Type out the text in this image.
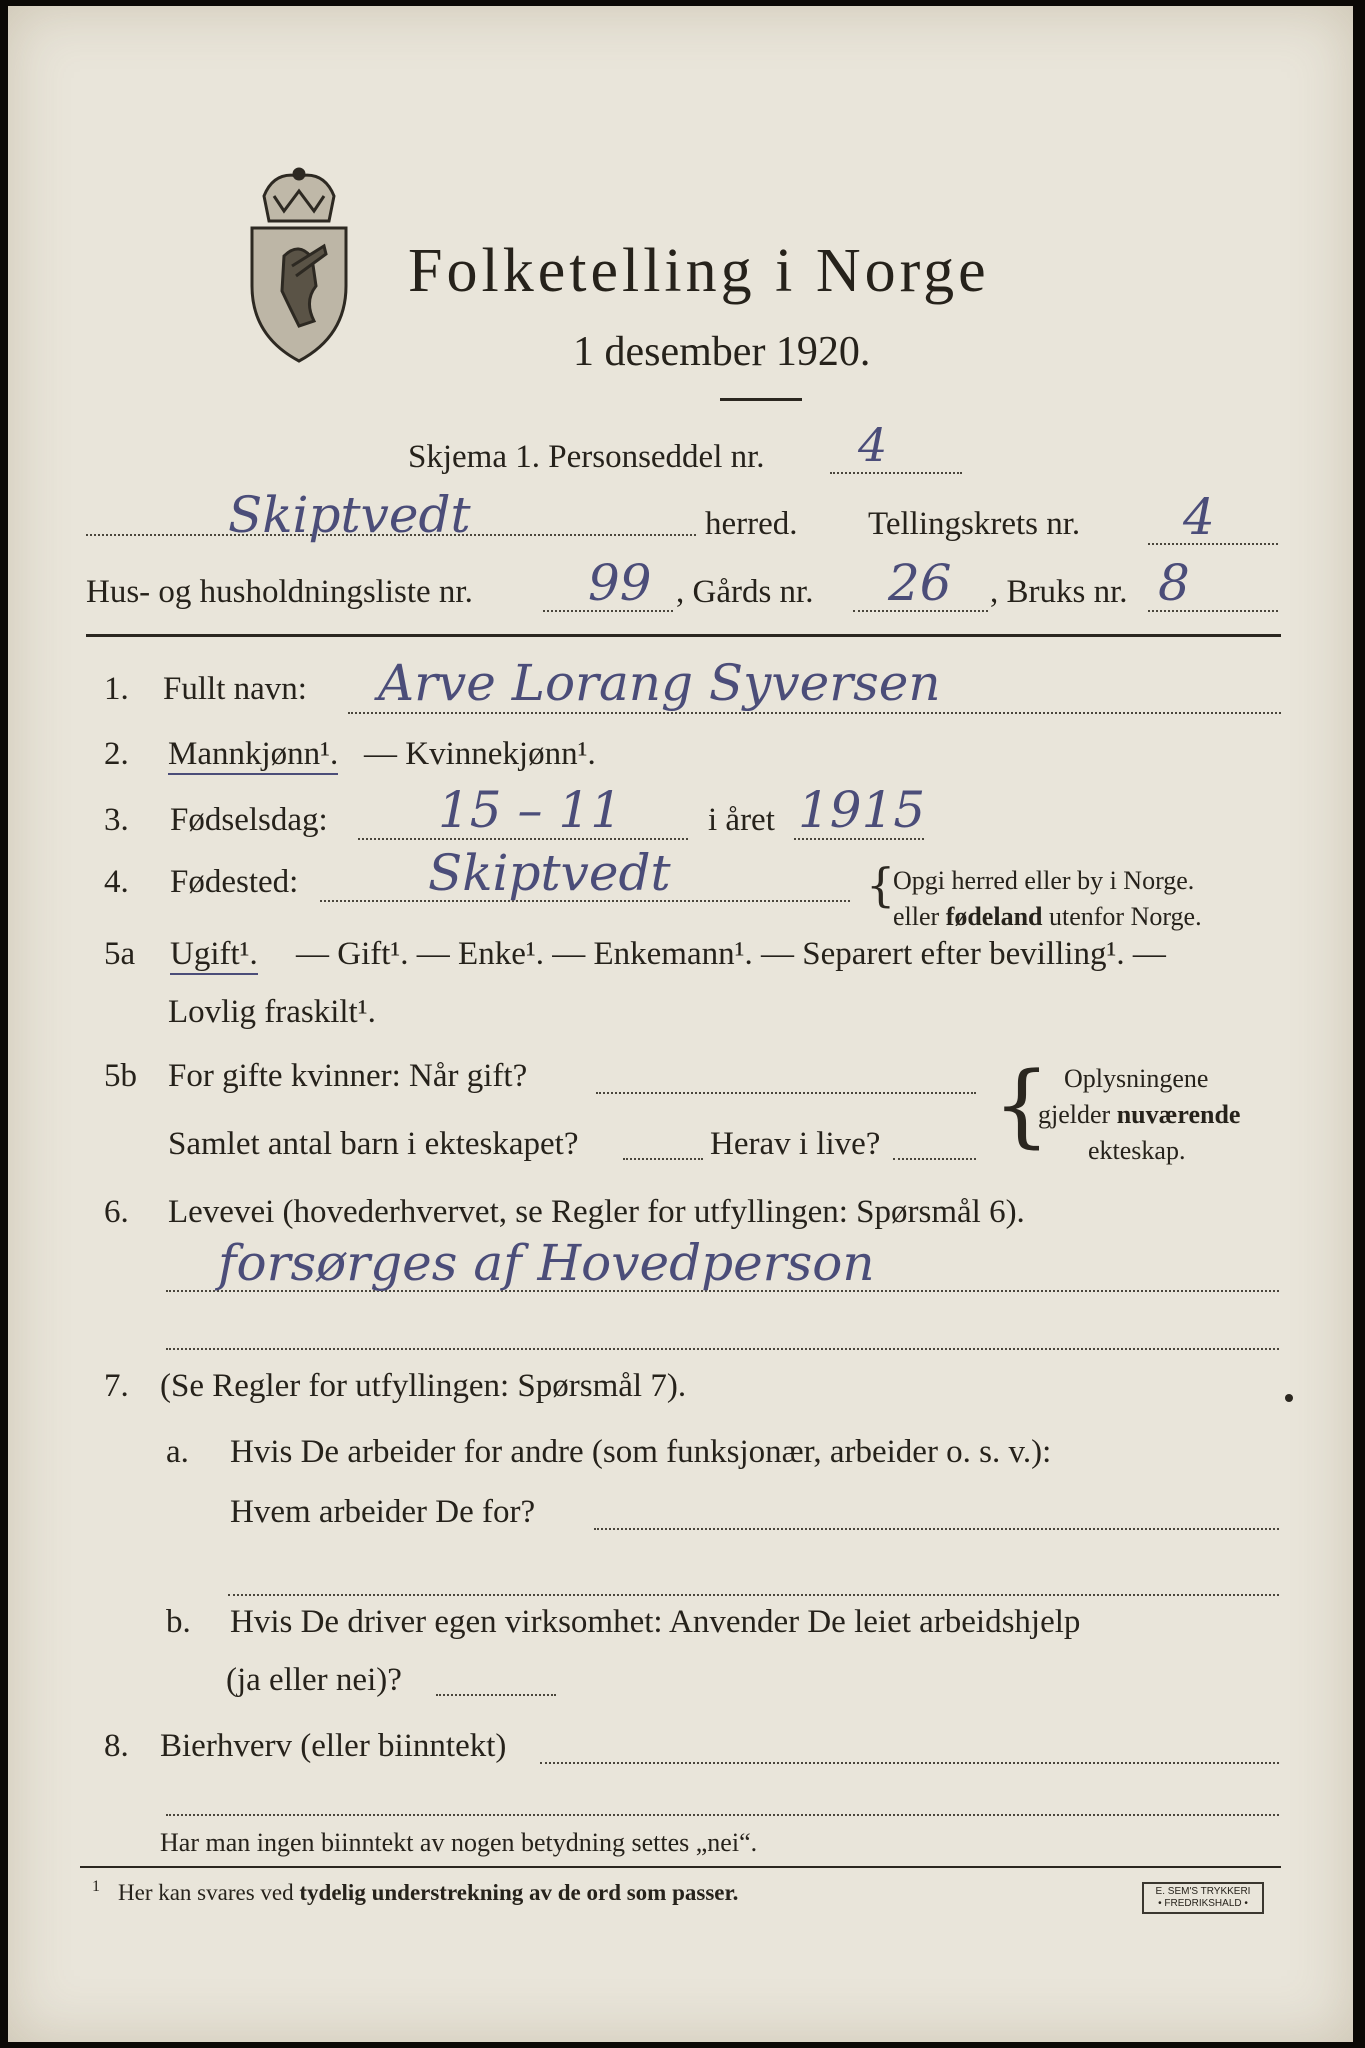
Folketelling i Norge
1 desember 1920.
Skjema 1. Personseddel nr. 4
Skiptvedt	herred. Tellingskrets nr. 4
Hus- og husholdningsliste nr. 99 , Gårds nr. 26 , Bruks nr. 8
1. Fullt navn: Arve Lorang Syversen
2. Mannkjønn¹. — Kvinnekjønn¹.
3. Fødselsdag: 15 – 11	i året 1915
4. Fødested:	Skiptvedt	{
Opgi herred eller by i Norge.
eller fødeland utenfor Norge.
5a Ugift¹. — Gift¹. — Enke¹. — Enkemann¹. — Separert efter bevilling¹. —
Lovlig fraskilt¹.
5b For gifte kvinner: Når gift?
Samlet antal barn i ekteskapet?	Herav i live? { Oplysningene
gjelder nuværende
ekteskap.
6. Levevei (hovederhvervet, se Regler for utfyllingen: Spørsmål 6).
forsørges af Hovedperson
7. (Se Regler for utfyllingen: Spørsmål 7).
a. Hvis De arbeider for andre (som funksjonær, arbeider o. s. v.):
Hvem arbeider De for?
b. Hvis De driver egen virksomhet: Anvender De leiet arbeidshjelp
(ja eller nei)?
8. Bierhverv (eller biinntekt)
Har man ingen biinntekt av nogen betydning settes „nei“.
1 Her kan svares ved tydelig understrekning av de ord som passer.	E. SEM'S TRYKKERI
• FREDRIKSHALD •
